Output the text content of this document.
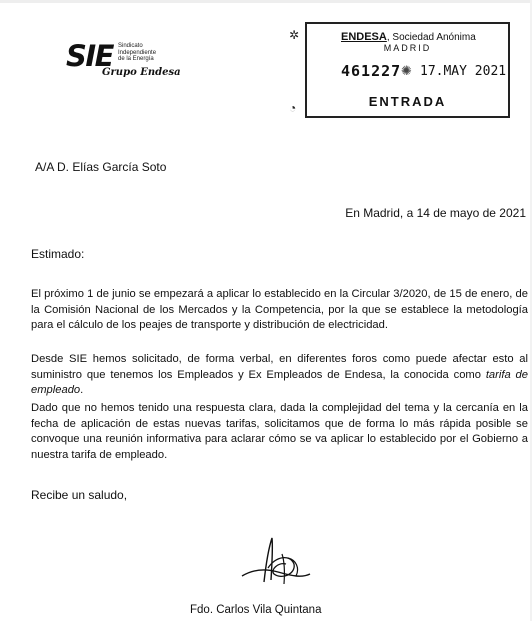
SIE Sindicato
Independiente
de la Energía
Grupo Endesa
✲
◔
ENDESA, Sociedad Anónima
MADRID
461227 ✺ 17.MAY 2021
ENTRADA
A/A D. Elías García Soto
En Madrid, a 14 de mayo de 2021
Estimado:
El próximo 1 de junio se empezará a aplicar lo establecido en la Circular 3/2020, de 15 de enero, de la Comisión Nacional de los Mercados y la Competencia, por la que se establece la metodología para el cálculo de los peajes de transporte y distribución de electricidad.
Desde SIE hemos solicitado, de forma verbal, en diferentes foros como puede afectar esto al suministro que tenemos los Empleados y Ex Empleados de Endesa, la conocida como tarifa de empleado.
Dado que no hemos tenido una respuesta clara, dada la complejidad del tema y la cercanía en la fecha de aplicación de estas nuevas tarifas, solicitamos que de forma lo más rápida posible se convoque una reunión informativa para aclarar cómo se va aplicar lo establecido por el Gobierno a nuestra tarifa de empleado.
Recibe un saludo,
Fdo. Carlos Vila Quintana
